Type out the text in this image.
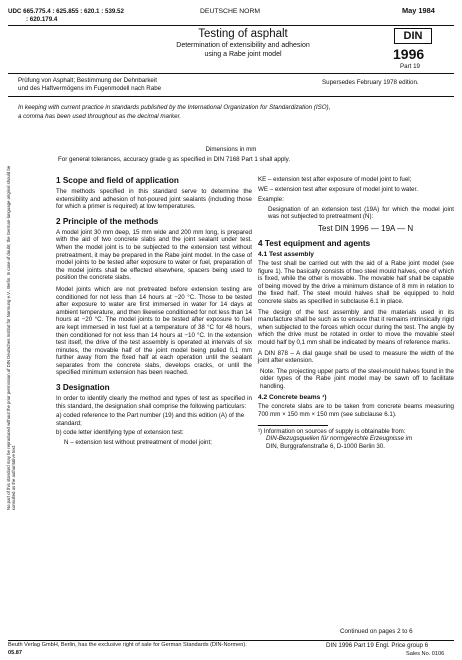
UDC 665.775.4 : 625.855 : 620.1 : 539.52
: 620.179.4
DEUTSCHE NORM	May 1984
Testing of asphalt
Determination of extensibility and adhesion
using a Rabe joint model
DIN
1996
Part 19
Prüfung von Asphalt; Bestimmung der Dehnbarkeit
und des Haftvermögens im Fugenmodell nach Rabe
Supersedes February 1978 edition.
In keeping with current practice in standards published by the International Organization for Standardization (ISO),
a comma has been used throughout as the decimal marker.
Dimensions in mm
For general tolerances, accuracy grade g as specified in DIN 7168 Part 1 shall apply.
No part of this standard may be reproduced without the prior permission of DIN Deutsches Institut für Normung e.V., Berlin. In case of doubt, the German-language original should be consulted as the authoritative text.
1 Scope and field of application
The methods specified in this standard serve to determine the extensibility and adhesion of hot-poured joint sealants (including those for which a primer is required) at low temperatures.
2 Principle of the methods
A model joint 30 mm deep, 15 mm wide and 200 mm long, is prepared with the aid of two concrete slabs and the joint sealant under test. When the model joint is to be subjected to the extension test without pretreatment, it may be prepared in the Rabe joint model. In the case of model joints to be tested after exposure to water or fuel, preparation of the model joints shall be effected elsewhere, spacers being used to position the concrete slabs.
Model joints which are not pretreated before extension testing are conditioned for not less than 14 hours at −20 °C. Those to be tested after exposure to water are first immersed in water for 14 days at ambient temperature, and then likewise conditioned for not less than 14 hours at −20 °C. The model joints to be tested after exposure to fuel are kept immersed in test fuel at a temperature of 38 °C for 48 hours, then conditioned for not less than 14 hours at −10 °C. In the extension test itself, the drive of the test assembly is operated at intervals of six minutes, the movable half of the joint model being pulled 0,1 mm further away from the fixed half at each operation until the sealant separates from the concrete slabs, develops cracks, or until the specified minimum extension has been reached.
3 Designation
In order to identify clearly the method and types of test as specified in this standard, the designation shall comprise the following particulars:
a) coded reference to the Part number (19) and this edition (A) of the standard;
b) code letter identifying type of extension test:
N – extension test without pretreatment of model joint;
KE – extension test after exposure of model joint to fuel;
WE – extension test after exposure of model joint to water.
Example:
Designation of an extension test (19A) for which the model joint was not subjected to pretreatment (N):
Test DIN 1996 — 19A — N
4 Test equipment and agents
4.1 Test assembly
The test shall be carried out with the aid of a Rabe joint model (see figure 1). The basically consists of two steel mould halves, one of which is fixed, while the other is movable. The movable half shall be capable of being moved by the drive a minimum distance of 8 mm in relation to the fixed half. The steel mould halves shall be equipped to hold concrete slabs as specified in subclause 6.1 in place.
The design of the test assembly and the materials used in its manufacture shall be such as to ensure that it remains intrinsically rigid when subjected to the forces which occur during the test. The angle by which the drive must be rotated in order to move the movable steel mould half by 0,1 mm shall be indicated by means of reference marks.
A DIN 878 – A dial gauge shall be used to measure the width of the joint after extension.
Note. The projecting upper parts of the steel-mould halves found in the older types of the Rabe joint model may be sawn off to facilitate handling.
4.2 Concrete beams ¹)
The concrete slabs are to be taken from concrete beams measuring 700 mm × 150 mm × 150 mm (see subclause 6.1).
¹) Information on sources of supply is obtainable from:
DIN-Bezugsquellen für normgerechte Erzeugnisse im
DIN, Burggrafenstraße 6, D-1000 Berlin 30.
Continued on pages 2 to 6
Beuth Verlag GmbH, Berlin, has the exclusive right of sale for German Standards (DIN-Normen).
05.87
DIN 1996 Part 19 Engl. Price group 6
Sales No. 0106
